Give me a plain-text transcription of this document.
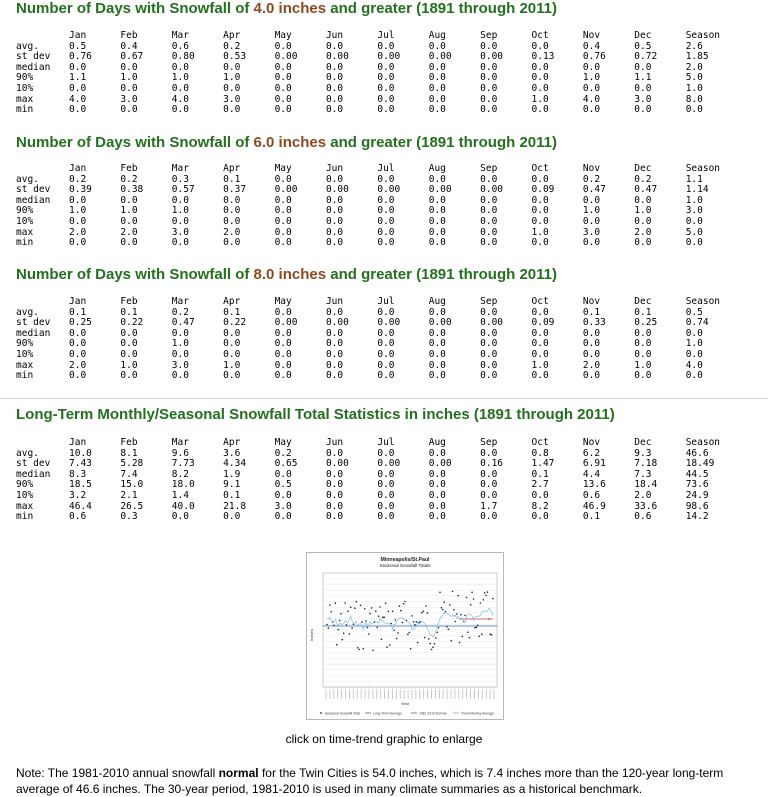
Number of Days with Snowfall of 4.0 inches and greater (1891 through 2011)
	Jan	Feb	Mar	Apr	May	Jun	Jul	Aug	Sep	Oct	Nov	Dec	Season
avg.	0.5	0.4	0.6	0.2	0.0	0.0	0.0	0.0	0.0	0.0	0.4	0.5	2.6
st dev	0.76	0.67	0.80	0.53	0.00	0.00	0.00	0.00	0.00	0.13	0.76	0.72	1.85
median	0.0	0.0	0.0	0.0	0.0	0.0	0.0	0.0	0.0	0.0	0.0	0.0	2.0
90%	1.1	1.0	1.0	1.0	0.0	0.0	0.0	0.0	0.0	0.0	1.0	1.1	5.0
10%	0.0	0.0	0.0	0.0	0.0	0.0	0.0	0.0	0.0	0.0	0.0	0.0	1.0
max	4.0	3.0	4.0	3.0	0.0	0.0	0.0	0.0	0.0	1.0	4.0	3.0	8.0
min	0.0	0.0	0.0	0.0	0.0	0.0	0.0	0.0	0.0	0.0	0.0	0.0	0.0
Number of Days with Snowfall of 6.0 inches and greater (1891 through 2011)
	Jan	Feb	Mar	Apr	May	Jun	Jul	Aug	Sep	Oct	Nov	Dec	Season
avg.	0.2	0.2	0.3	0.1	0.0	0.0	0.0	0.0	0.0	0.0	0.2	0.2	1.1
st dev	0.39	0.38	0.57	0.37	0.00	0.00	0.00	0.00	0.00	0.09	0.47	0.47	1.14
median	0.0	0.0	0.0	0.0	0.0	0.0	0.0	0.0	0.0	0.0	0.0	0.0	1.0
90%	1.0	1.0	1.0	0.0	0.0	0.0	0.0	0.0	0.0	0.0	1.0	1.0	3.0
10%	0.0	0.0	0.0	0.0	0.0	0.0	0.0	0.0	0.0	0.0	0.0	0.0	0.0
max	2.0	2.0	3.0	2.0	0.0	0.0	0.0	0.0	0.0	1.0	3.0	2.0	5.0
min	0.0	0.0	0.0	0.0	0.0	0.0	0.0	0.0	0.0	0.0	0.0	0.0	0.0
Number of Days with Snowfall of 8.0 inches and greater (1891 through 2011)
	Jan	Feb	Mar	Apr	May	Jun	Jul	Aug	Sep	Oct	Nov	Dec	Season
avg.	0.1	0.1	0.2	0.1	0.0	0.0	0.0	0.0	0.0	0.0	0.1	0.1	0.5
st dev	0.25	0.22	0.47	0.22	0.00	0.00	0.00	0.00	0.00	0.09	0.33	0.25	0.74
median	0.0	0.0	0.0	0.0	0.0	0.0	0.0	0.0	0.0	0.0	0.0	0.0	0.0
90%	0.0	0.0	1.0	0.0	0.0	0.0	0.0	0.0	0.0	0.0	0.0	0.0	1.0
10%	0.0	0.0	0.0	0.0	0.0	0.0	0.0	0.0	0.0	0.0	0.0	0.0	0.0
max	2.0	1.0	3.0	1.0	0.0	0.0	0.0	0.0	0.0	1.0	2.0	1.0	4.0
min	0.0	0.0	0.0	0.0	0.0	0.0	0.0	0.0	0.0	0.0	0.0	0.0	0.0
Long-Term Monthly/Seasonal Snowfall Total Statistics in inches (1891 through 2011)
	Jan	Feb	Mar	Apr	May	Jun	Jul	Aug	Sep	Oct	Nov	Dec	Season
avg.	10.0	8.1	9.6	3.6	0.2	0.0	0.0	0.0	0.0	0.8	6.2	9.3	46.6
st dev	7.43	5.28	7.73	4.34	0.65	0.00	0.00	0.00	0.16	1.47	6.91	7.18	18.49
median	8.3	7.4	8.2	1.9	0.0	0.0	0.0	0.0	0.0	0.1	4.4	7.3	44.5
90%	18.5	15.0	18.0	9.1	0.5	0.0	0.0	0.0	0.0	2.7	13.6	18.4	73.6
10%	3.2	2.1	1.4	0.1	0.0	0.0	0.0	0.0	0.0	0.0	0.6	2.0	24.9
max	46.4	26.5	40.0	21.8	3.0	0.0	0.0	0.0	1.7	8.2	46.9	33.6	98.6
min	0.6	0.3	0.0	0.0	0.0	0.0	0.0	0.0	0.0	0.0	0.1	0.6	14.2
Minneapolis/St.Paul
Seasonal Snowfall Totals
Inches
Year
Seasonal Snowfall Total	Long-Term Average	1981-2010 Normal	Trend Moving Average
click on time-trend graphic to enlarge
Note: The 1981-2010 annual snowfall normal for the Twin Cities is 54.0 inches, which is 7.4 inches more than the 120-year long-term average of 46.6 inches. The 30-year period, 1981-2010 is used in many climate summaries as a historical benchmark.
